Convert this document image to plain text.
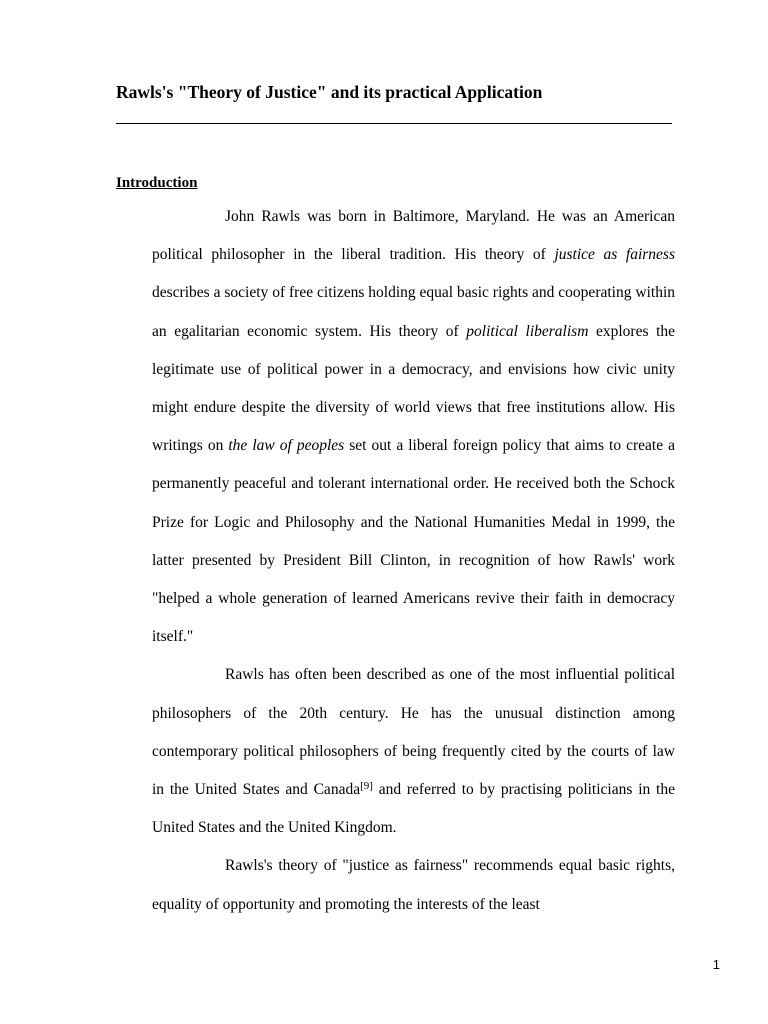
Rawls's "Theory of Justice" and its practical Application
Introduction

John Rawls was born in Baltimore, Maryland. He was an American political philosopher in the liberal tradition. His theory of justice as fairness describes a society of free citizens holding equal basic rights and cooperating within an egalitarian economic system. His theory of political liberalism explores the legitimate use of political power in a democracy, and envisions how civic unity might endure despite the diversity of world views that free institutions allow. His writings on the law of peoples set out a liberal foreign policy that aims to create a permanently peaceful and tolerant international order. He received both the Schock Prize for Logic and Philosophy and the National Humanities Medal in 1999, the latter presented by President Bill Clinton, in recognition of how Rawls' work "helped a whole generation of learned Americans revive their faith in democracy itself."

Rawls has often been described as one of the most influential political philosophers of the 20th century. He has the unusual distinction among contemporary political philosophers of being frequently cited by the courts of law in the United States and Canada[9] and referred to by practising politicians in the United States and the United Kingdom.

Rawls's theory of "justice as fairness" recommends equal basic rights, equality of opportunity and promoting the interests of the least

1
